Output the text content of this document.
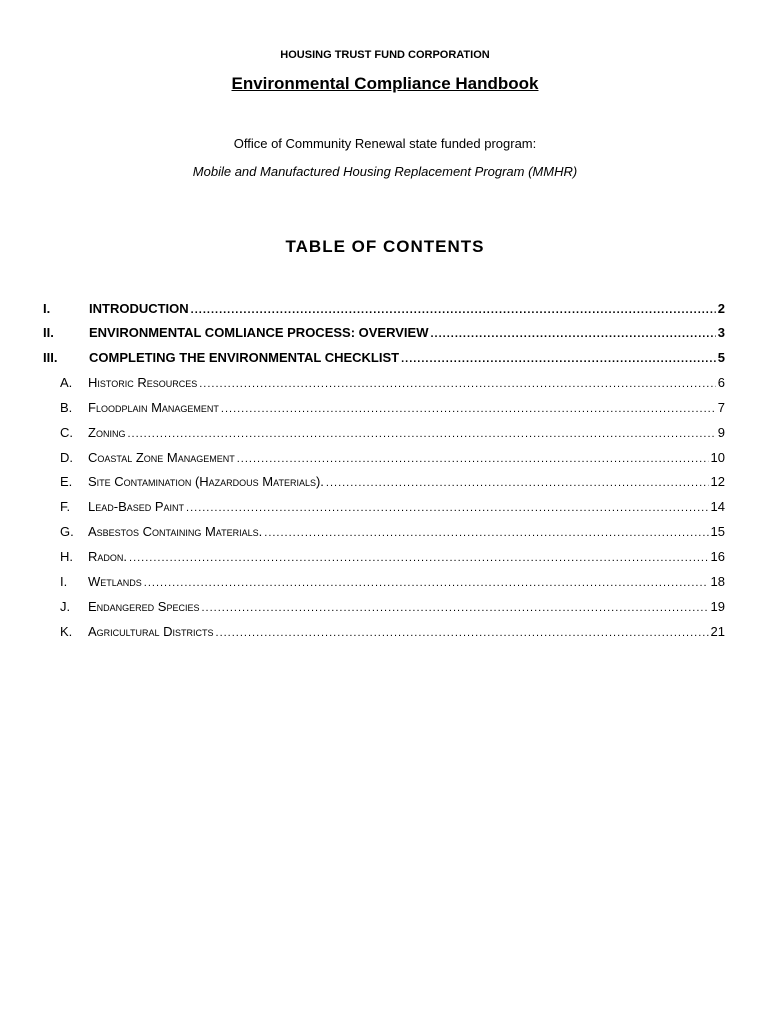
HOUSING TRUST FUND CORPORATION
Environmental Compliance Handbook
Office of Community Renewal state funded program:
Mobile and Manufactured Housing Replacement Program (MMHR)
TABLE OF CONTENTS
I.	INTRODUCTION .....	2
II.	ENVIRONMENTAL COMLIANCE PROCESS: OVERVIEW .....	3
III. COMPLETING THE ENVIRONMENTAL CHECKLIST .....	5
A. Historic Resources .....	6
B. Floodplain Management .....	7
C. Zoning .....	9
D. Coastal Zone Management .....	10
E. Site Contamination (Hazardous Materials). .....	12
F. Lead-Based Paint .....	14
G. Asbestos Containing Materials. .....	15
H. Radon. .....	16
I. Wetlands .....	18
J. Endangered Species .....	19
K. Agricultural Districts .....	21
